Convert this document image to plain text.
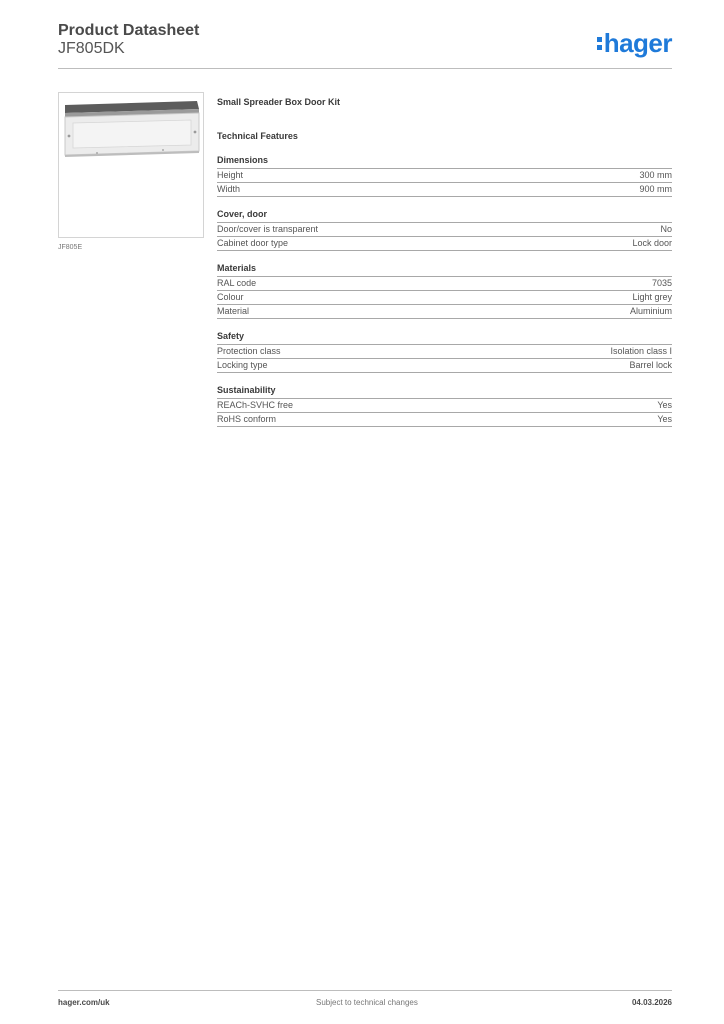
Product Datasheet
JF805DK	hager
JF805E
Small Spreader Box Door Kit
Technical Features
Dimensions
Height	300 mm
Width	900 mm
Cover, door
Door/cover is transparent	No
Cabinet door type	Lock door
Materials
RAL code	7035
Colour	Light grey
Material	Aluminium
Safety
Protection class	Isolation class I
Locking type	Barrel lock
Sustainability
REACh-SVHC free	Yes
RoHS conform	Yes
hager.com/uk	Subject to technical changes	04.03.2026
